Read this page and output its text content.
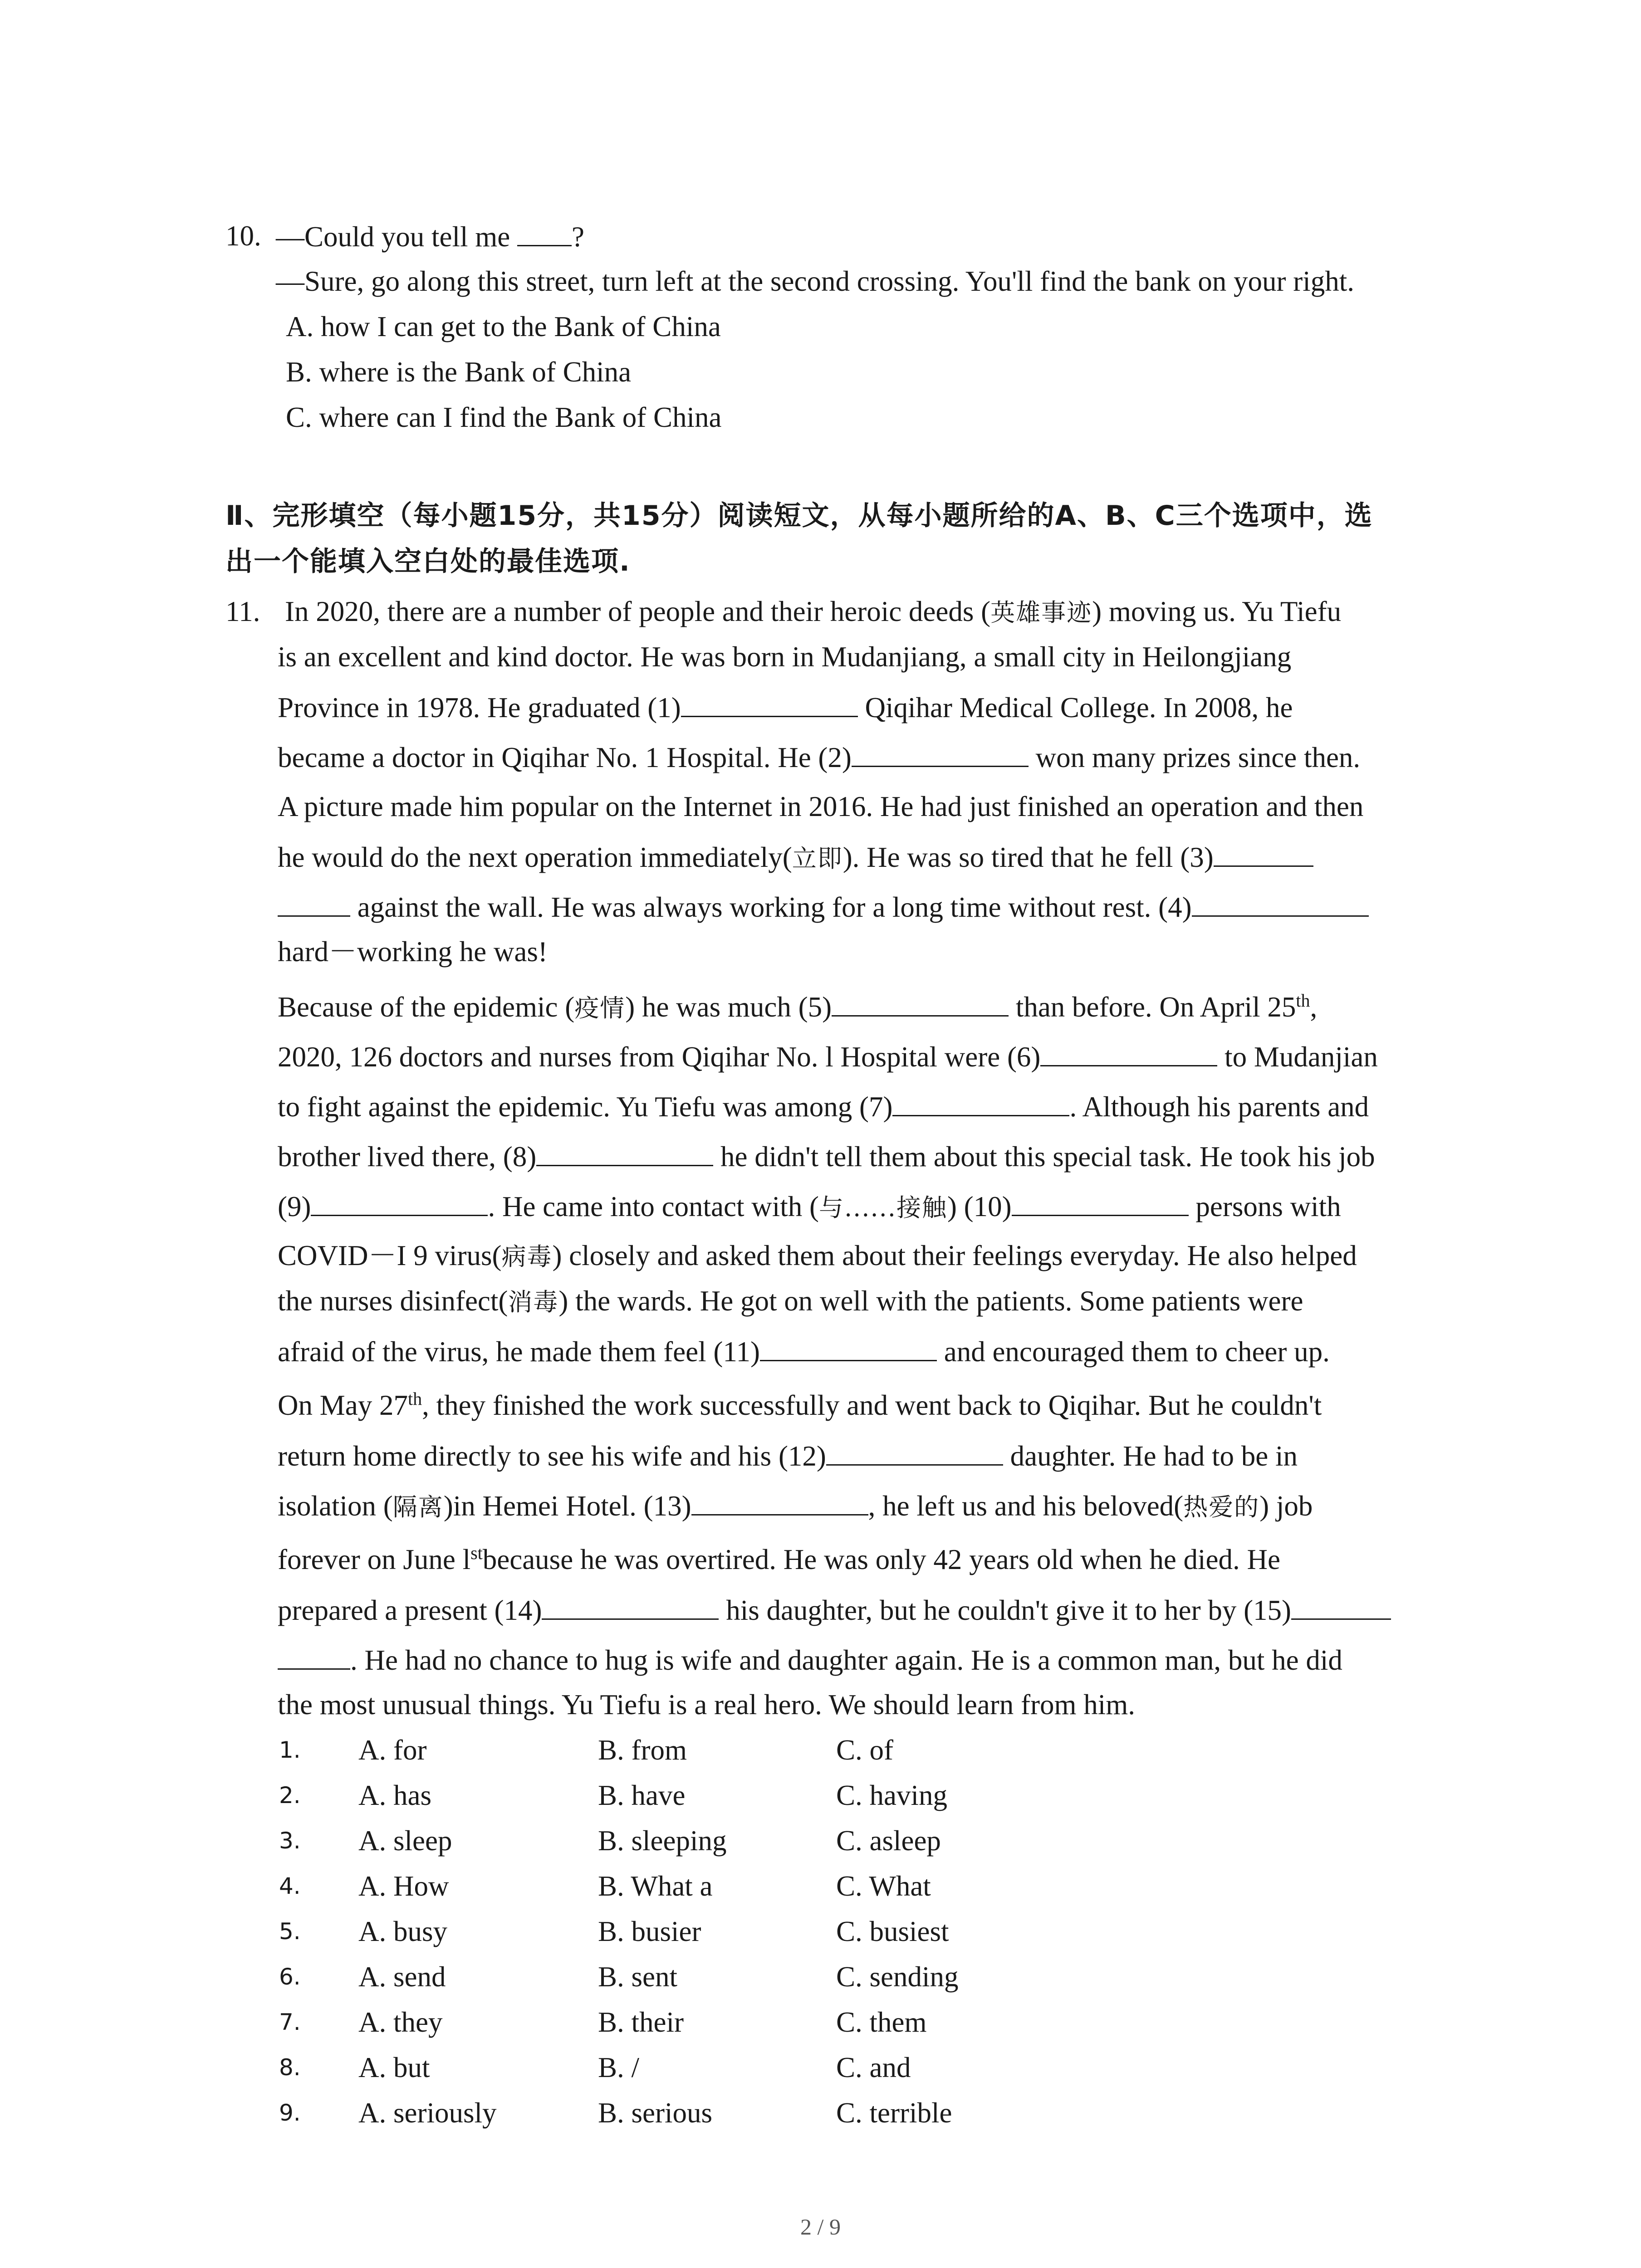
10. —Could you tell me ?
—Sure, go along this street, turn left at the second crossing. You'll find the bank on your right.
A. how I can get to the Bank of China
B. where is the Bank of China
C. where can I find the Bank of China
Ⅱ、完形填空（每小题15分，共15分）阅读短文，从每小题所给的A、B、C三个选项中，选
出一个能填入空白处的最佳选项.
11. In 2020, there are a number of people and their heroic deeds (英雄事迹) moving us. Yu Tiefu
is an excellent and kind doctor. He was born in Mudanjiang, a small city in Heilongjiang
Province in 1978. He graduated (1)	Qiqihar Medical College. In 2008, he
became a doctor in Qiqihar No. 1 Hospital. He (2)	won many prizes since then.
A picture made him popular on the Internet in 2016. He had just finished an operation and then
he would do the next operation immediately(立即). He was so tired that he fell (3)
against the wall. He was always working for a long time without rest. (4)
hard－working he was!
Because of the epidemic (疫情) he was much (5)	than before. On April 25th,
2020, 126 doctors and nurses from Qiqihar No. l Hospital were (6)	to Mudanjian
to fight against the epidemic. Yu Tiefu was among (7)	. Although his parents and
brother lived there, (8)	he didn't tell them about this special task. He took his job
(9)	. He came into contact with (与......接触) (10)	persons with
COVID－I 9 virus(病毒) closely and asked them about their feelings everyday. He also helped
the nurses disinfect(消毒) the wards. He got on well with the patients. Some patients were
afraid of the virus, he made them feel (11)	and encouraged them to cheer up.
On May 27th, they finished the work successfully and went back to Qiqihar. But he couldn't
return home directly to see his wife and his (12)	daughter. He had to be in
isolation (隔离)in Hemei Hotel. (13)	, he left us and his beloved(热爱的) job
forever on June $l^{st}because$ he was overtired. He was only 42 years old when he died. He
prepared a present (14)	his daughter, but he couldn't give it to her by (15)
. He had no chance to hug is wife and daughter again. He is a common man, but he did
the most unusual things. Yu Tiefu is a real hero. We should learn from him.
1. A. for	B. from	C. of
2. A. has	B. have	C. having
3. A. sleep	B. sleeping	C. asleep
4. A. How	B. What a	C. What
5. A. busy	B. busier	C. busiest
6. A. send	B. sent	C. sending
7. A. they	B. their	C. them
8. A. but	B. /	C. and
9. A. seriously	B. serious	C. terrible
2 / 9
